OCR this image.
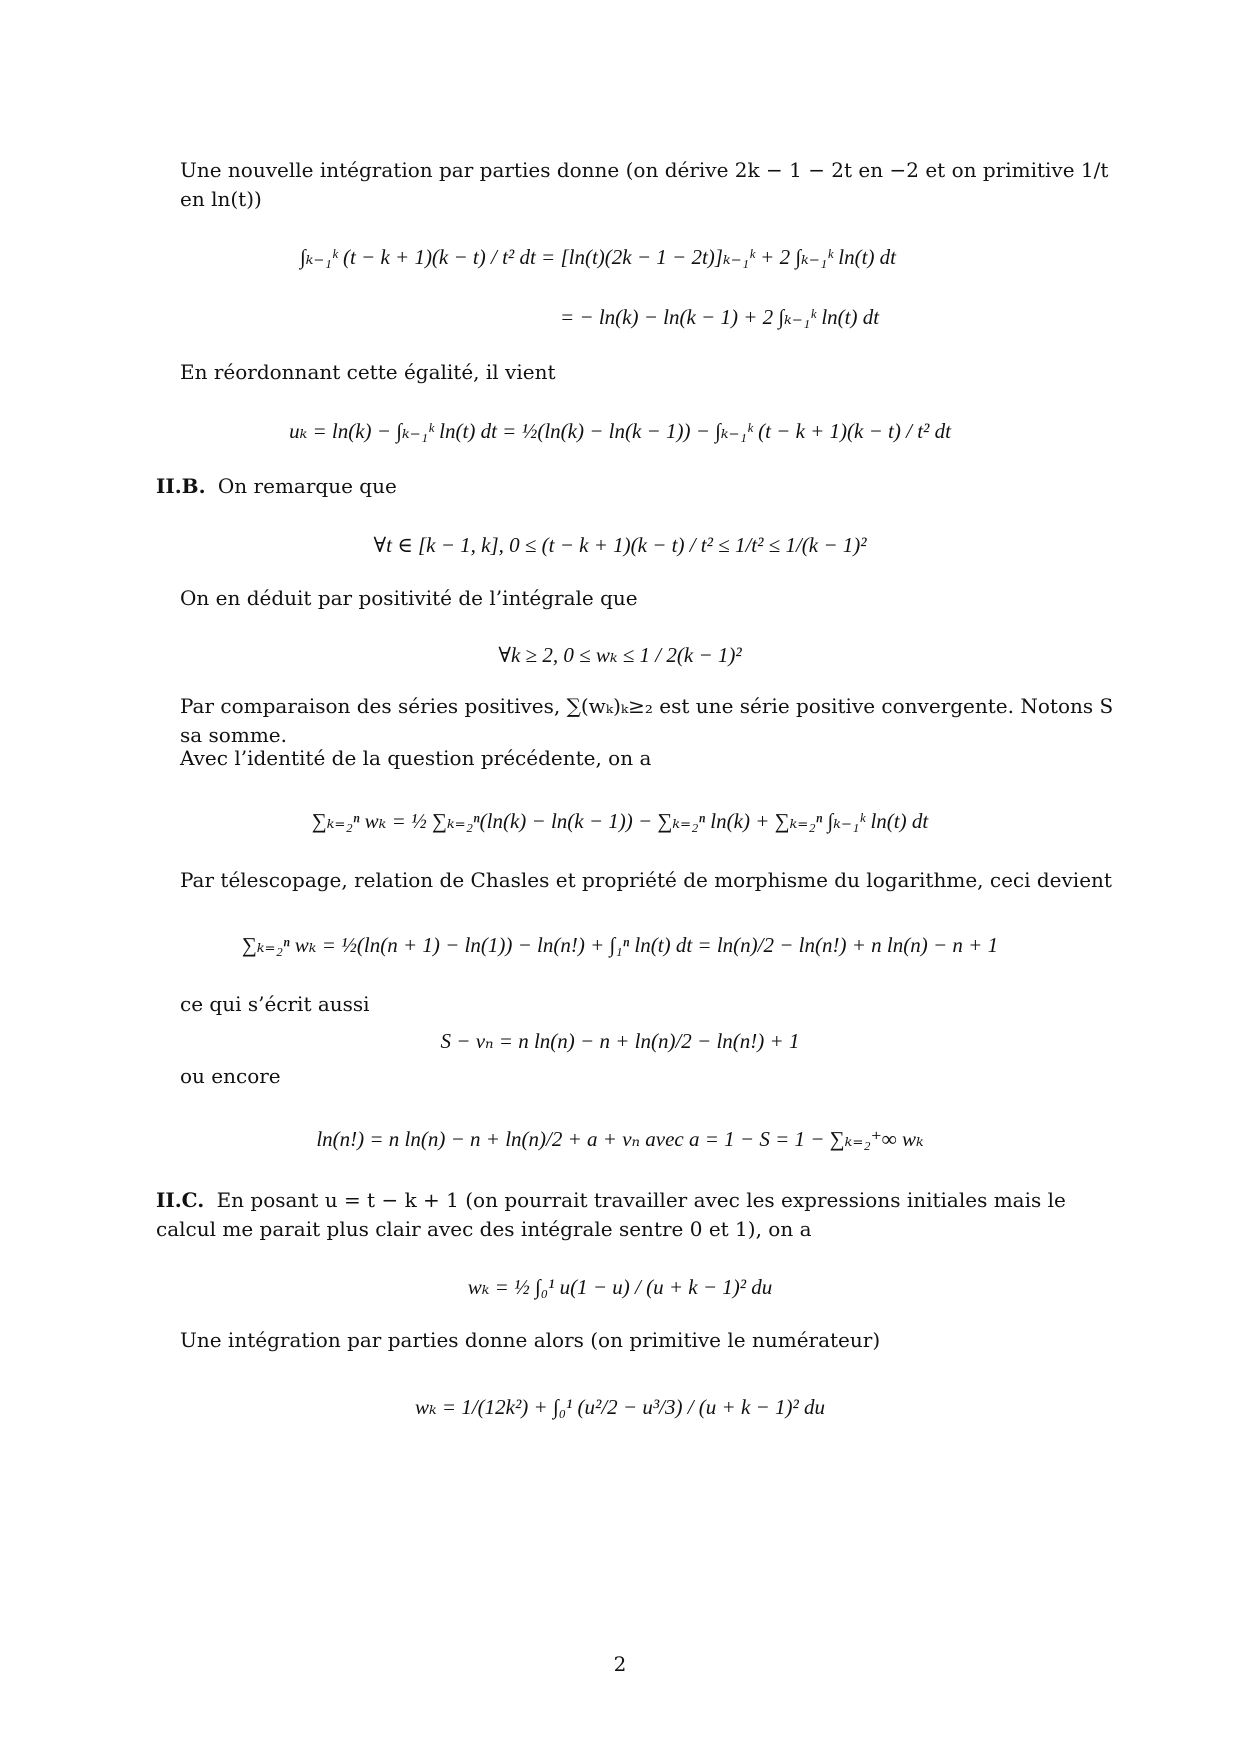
Une nouvelle intégration par parties donne (on dérive 2k − 1 − 2t en −2 et on primitive 1/t en ln(t))

∫ₖ₋₁ᵏ (t − k + 1)(k − t) / t² dt = [ln(t)(2k − 1 − 2t)]ₖ₋₁ᵏ + 2 ∫ₖ₋₁ᵏ ln(t) dt
= − ln(k) − ln(k − 1) + 2 ∫ₖ₋₁ᵏ ln(t) dt

En réordonnant cette égalité, il vient

uₖ = ln(k) − ∫ₖ₋₁ᵏ ln(t) dt = ½(ln(k) − ln(k − 1)) − ∫ₖ₋₁ᵏ (t − k + 1)(k − t) / t² dt
II.B. On remarque que
∀t ∈ [k − 1, k], 0 ≤ (t − k + 1)(k − t) / t² ≤ 1/t² ≤ 1/(k − 1)²

On en déduit par positivité de l’intégrale que

∀k ≥ 2, 0 ≤ wₖ ≤ 1 / 2(k − 1)²

Par comparaison des séries positives, ∑(wₖ)ₖ≥₂ est une série positive convergente. Notons S sa somme.

Avec l’identité de la question précédente, on a

∑ₖ₌₂ⁿ wₖ = ½ ∑ₖ₌₂ⁿ(ln(k) − ln(k − 1)) − ∑ₖ₌₂ⁿ ln(k) + ∑ₖ₌₂ⁿ ∫ₖ₋₁ᵏ ln(t) dt

Par télescopage, relation de Chasles et propriété de morphisme du logarithme, ceci devient

∑ₖ₌₂ⁿ wₖ = ½(ln(n + 1) − ln(1)) − ln(n!) + ∫₁ⁿ ln(t) dt = ln(n)/2 − ln(n!) + n ln(n) − n + 1

ce qui s’écrit aussi

S − vₙ = n ln(n) − n + ln(n)/2 − ln(n!) + 1

ou encore

ln(n!) = n ln(n) − n + ln(n)/2 + a + vₙ avec a = 1 − S = 1 − ∑ₖ₌₂⁺∞ wₖ
II.C. En posant u = t − k + 1 (on pourrait travailler avec les expressions initiales mais le calcul me parait plus clair avec des intégrale sentre 0 et 1), on a
wₖ = ½ ∫₀¹ u(1 − u) / (u + k − 1)² du

Une intégration par parties donne alors (on primitive le numérateur)

wₖ = 1/(12k²) + ∫₀¹ (u²/2 − u³/3) / (u + k − 1)² du
2
